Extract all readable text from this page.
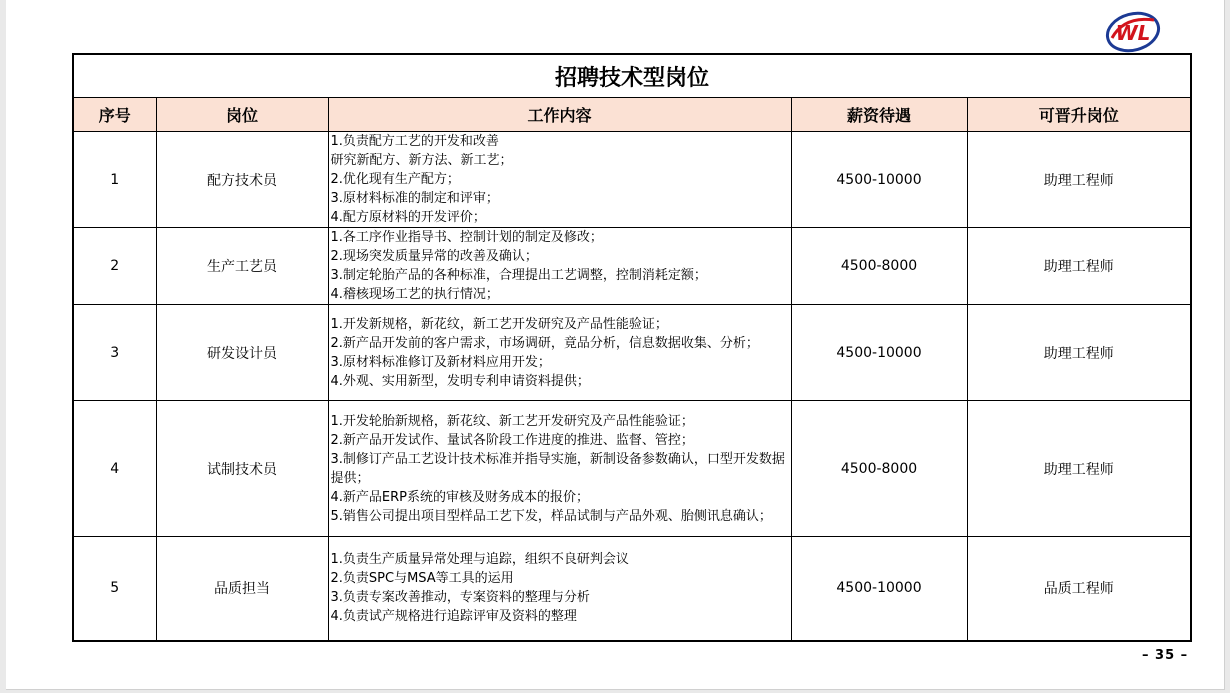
WL
招聘技术型岗位				
序号	岗位	工作内容	薪资待遇	可晋升岗位
1	配方技术员	1.负责配方工艺的开发和改善
研究新配方、新方法、新工艺；
2.优化现有生产配方；
3.原材料标准的制定和评审；
4.配方原材料的开发评价；	4500-10000	助理工程师
2	生产工艺员	1.各工序作业指导书、控制计划的制定及修改；
2.现场突发质量异常的改善及确认；
3.制定轮胎产品的各种标准，合理提出工艺调整，控制消耗定额；
4.稽核现场工艺的执行情况；	4500-8000	助理工程师
3	研发设计员	1.开发新规格，新花纹，新工艺开发研究及产品性能验证；
2.新产品开发前的客户需求，市场调研，竟品分析，信息数据收集、分析；
3.原材料标准修订及新材料应用开发；
4.外观、实用新型，发明专利申请资料提供；	4500-10000	助理工程师
4	试制技术员	1.开发轮胎新规格，新花纹、新工艺开发研究及产品性能验证；
2.新产品开发试作、量试各阶段工作进度的推进、监督、管控；
3.制修订产品工艺设计技术标准并指导实施，新制设备参数确认，口型开发数据提供；
4.新产品ERP系统的审核及财务成本的报价；
5.销售公司提出项目型样品工艺下发，样品试制与产品外观、胎侧讯息确认；	4500-8000	助理工程师
5	品质担当	1.负责生产质量异常处理与追踪，组织不良研判会议
2.负责SPC与MSA等工具的运用
3.负责专案改善推动，专案资料的整理与分析
4.负责试产规格进行追踪评审及资料的整理	4500-10000	品质工程师
– 35 –
